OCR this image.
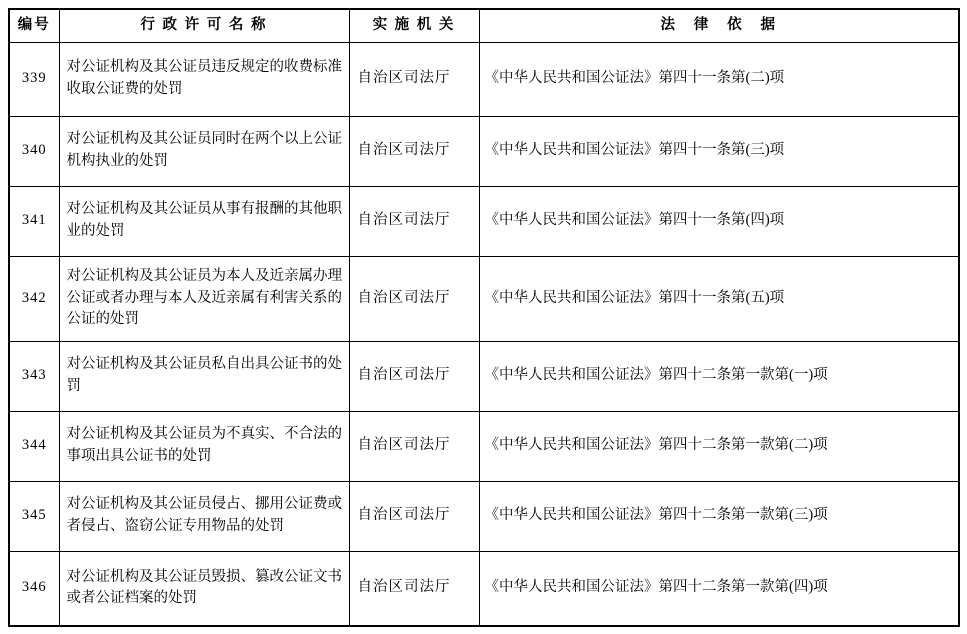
编号	行 政 许 可 名 称	实 施 机 关	法   律   依   据
339	对公证机构及其公证员违反规定的收费标准收取公证费的处罚	自治区司法厅	《中华人民共和国公证法》第四十一条第(二)项
340	对公证机构及其公证员同时在两个以上公证机构执业的处罚	自治区司法厅	《中华人民共和国公证法》第四十一条第(三)项
341	对公证机构及其公证员从事有报酬的其他职业的处罚	自治区司法厅	《中华人民共和国公证法》第四十一条第(四)项
342	对公证机构及其公证员为本人及近亲属办理公证或者办理与本人及近亲属有利害关系的公证的处罚	自治区司法厅	《中华人民共和国公证法》第四十一条第(五)项
343	对公证机构及其公证员私自出具公证书的处罚	自治区司法厅	《中华人民共和国公证法》第四十二条第一款第(一)项
344	对公证机构及其公证员为不真实、不合法的事项出具公证书的处罚	自治区司法厅	《中华人民共和国公证法》第四十二条第一款第(二)项
345	对公证机构及其公证员侵占、挪用公证费或者侵占、盗窃公证专用物品的处罚	自治区司法厅	《中华人民共和国公证法》第四十二条第一款第(三)项
346	对公证机构及其公证员毁损、篡改公证文书或者公证档案的处罚	自治区司法厅	《中华人民共和国公证法》第四十二条第一款第(四)项
